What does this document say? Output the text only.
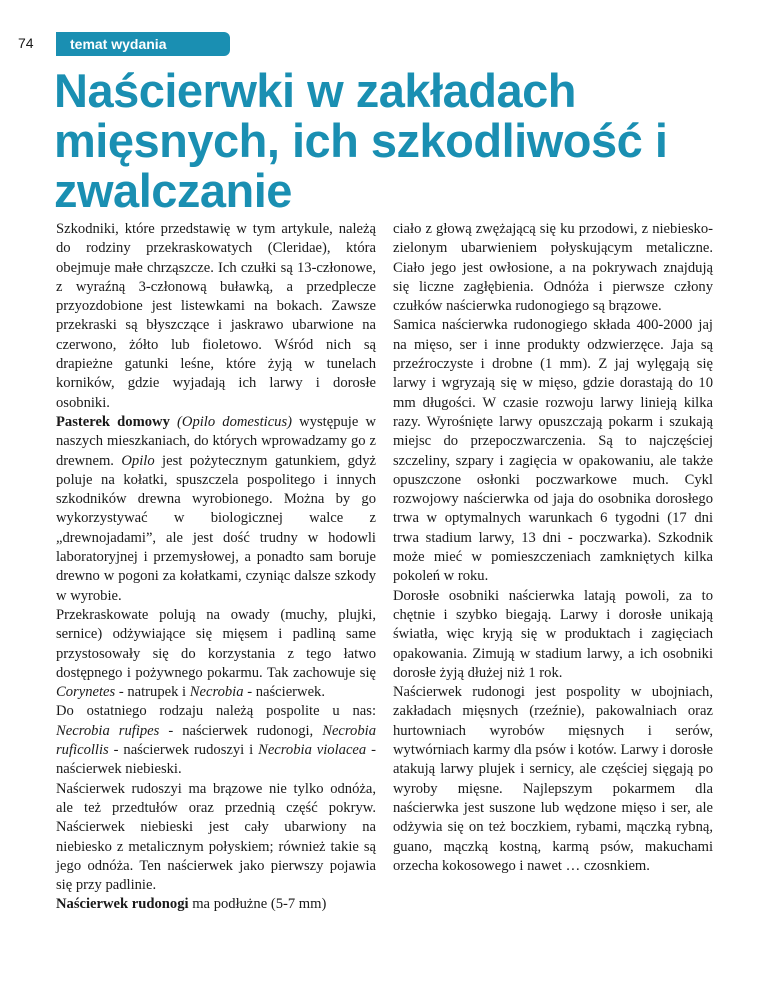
74	temat wydania
Naścierwki w zakładach mięsnych, ich szkodliwość i zwalczanie

Szkodniki, które przedstawię w tym artykule, należą do rodziny przekraskowatych (Cleridae), która obejmuje małe chrząszcze. Ich czułki są 13-członowe, z wyraźną 3-członową buławką, a przedplecze przyozdobione jest listewkami na bokach. Zawsze przekraski są błyszczące i jaskrawo ubarwione na czerwono, żółto lub fioletowo. Wśród nich są drapieżne gatunki leśne, które żyją w tunelach korników, gdzie wyjadają ich larwy i dorosłe osobniki.

Pasterek domowy (Opilo domesticus) występuje w naszych mieszkaniach, do których wprowadzamy go z drewnem. Opilo jest pożytecznym gatunkiem, gdyż poluje na kołatki, spuszczela pospolitego i innych szkodników drewna wyrobionego. Można by go wykorzystywać w biologicznej walce z „drewnojadami”, ale jest dość trudny w hodowli laboratoryjnej i przemysłowej, a ponadto sam boruje drewno w pogoni za kołatkami, czyniąc dalsze szkody w wyrobie.

Przekraskowate polują na owady (muchy, plujki, sernice) odżywiające się mięsem i padliną same przystosowały się do korzystania z tego łatwo dostępnego i pożywnego pokarmu. Tak zachowuje się Corynetes - natrupek i Necrobia - naścierwek.

Do ostatniego rodzaju należą pospolite u nas: Necrobia rufipes - naścierwek rudonogi, Necrobia ruficollis - naścierwek rudoszyi i Necrobia violacea - naścierwek niebieski.

Naścierwek rudoszyi ma brązowe nie tylko odnóża, ale też przedtułów oraz przednią część pokryw. Naścierwek niebieski jest cały ubarwiony na niebiesko z metalicznym połyskiem; również takie są jego odnóża. Ten naścierwek jako pierwszy pojawia się przy padlinie.

Naścierwek rudonogi ma podłużne (5-7 mm)

ciało z głową zwężającą się ku przodowi, z niebiesko-zielonym ubarwieniem połyskującym metaliczne. Ciało jego jest owłosione, a na pokrywach znajdują się liczne zagłębienia. Odnóża i pierwsze człony czułków naścierwka rudonogiego są brązowe.

Samica naścierwka rudonogiego składa 400-2000 jaj na mięso, ser i inne produkty odzwierzęce. Jaja są przeźroczyste i drobne (1 mm). Z jaj wylęgają się larwy i wgryzają się w mięso, gdzie dorastają do 10 mm długości. W czasie rozwoju larwy linieją kilka razy. Wyrośnięte larwy opuszczają pokarm i szukają miejsc do przepoczwarczenia. Są to najczęściej szczeliny, szpary i zagięcia w opakowaniu, ale także opuszczone osłonki poczwarkowe much. Cykl rozwojowy naścierwka od jaja do osobnika dorosłego trwa w optymalnych warunkach 6 tygodni (17 dni trwa stadium larwy, 13 dni - poczwarka). Szkodnik może mieć w pomieszczeniach zamkniętych kilka pokoleń w roku.

Dorosłe osobniki naścierwka latają powoli, za to chętnie i szybko biegają. Larwy i dorosłe unikają światła, więc kryją się w produktach i zagięciach opakowania. Zimują w stadium larwy, a ich osobniki dorosłe żyją dłużej niż 1 rok.

Naścierwek rudonogi jest pospolity w ubojniach, zakładach mięsnych (rzeźnie), pakowalniach oraz hurtowniach wyrobów mięsnych i serów, wytwórniach karmy dla psów i kotów. Larwy i dorosłe atakują larwy plujek i sernicy, ale częściej sięgają po wyroby mięsne. Najlepszym pokarmem dla naścierwka jest suszone lub wędzone mięso i ser, ale odżywia się on też boczkiem, rybami, mączką rybną, guano, mączką kostną, karmą psów, makuchami orzecha kokosowego i nawet … czosnkiem.
